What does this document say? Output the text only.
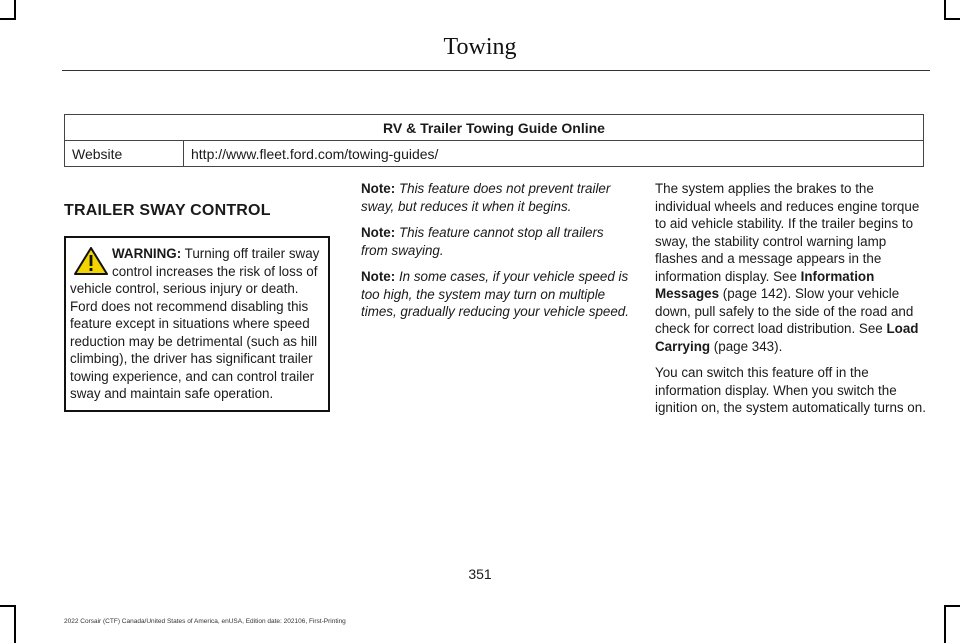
Towing
RV & Trailer Towing Guide Online
Website	http://www.fleet.ford.com/towing-guides/
TRAILER SWAY CONTROL
WARNING: Turning off trailer sway control increases the risk of loss of vehicle control, serious injury or death. Ford does not recommend disabling this feature except in situations where speed reduction may be detrimental (such as hill climbing), the driver has significant trailer towing experience, and can control trailer sway and maintain safe operation.

Note: This feature does not prevent trailer sway, but reduces it when it begins.

Note: This feature cannot stop all trailers from swaying.

Note: In some cases, if your vehicle speed is too high, the system may turn on multiple times, gradually reducing your vehicle speed.

The system applies the brakes to the individual wheels and reduces engine torque to aid vehicle stability. If the trailer begins to sway, the stability control warning lamp flashes and a message appears in the information display. See Information Messages (page 142). Slow your vehicle down, pull safely to the side of the road and check for correct load distribution. See Load Carrying (page 343).

You can switch this feature off in the information display. When you switch the ignition on, the system automatically turns on.

351
2022 Corsair (CTF) Canada/United States of America, enUSA, Edition date: 202106, First-Printing
